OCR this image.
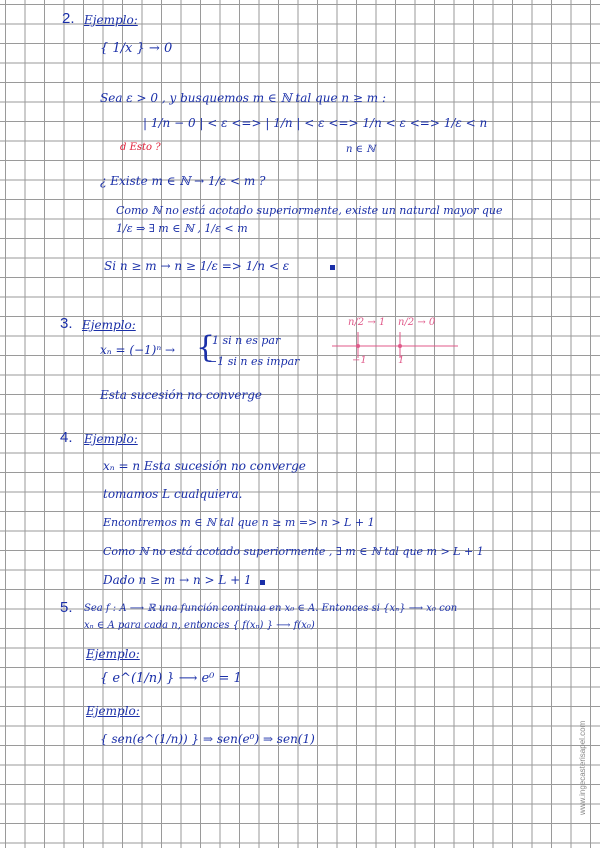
2. Ejemplo:
{ 1/x } → 0
Sea ε > 0 , y busquemos m ∈ ℕ tal que n ≥ m :
| 1/n − 0 | < ε <=> | 1/n | < ε <=> 1/n < ε <=> 1/ε < n
d Esto ?	n ∈ ℕ
¿ Existe m ∈ ℕ → 1/ε < m ?
Como ℕ no está acotado superiormente, existe un natural mayor que
1/ε ⇒ ∃ m ∈ ℕ , 1/ε < m
Si n ≥ m → n ≥ 1/ε => 1/n < ε
3. Ejemplo:
xₙ = (−1)ⁿ → {
1 si n es par
−1 si n es impar
Esta sucesión no converge
n/2 → 1 n/2 → 0
−1	1
4. Ejemplo:
xₙ = n Esta sucesión no converge
tomamos L cualquiera.
Encontremos m ∈ ℕ tal que n ≥ m => n > L + 1
Como ℕ no está acotado superiormente , ∃ m ∈ ℕ tal que m > L + 1
Dado n ≥ m → n > L + 1
5. Sea f : A ⟶ ℝ una función continua en x₀ ∈ A. Entonces si {xₙ} ⟶ x₀ con
xₙ ∈ A para cada n, entonces { f(xₙ) } ⟶ f(x₀)
Ejemplo:
{ e^(1/n) } ⟶ e⁰ = 1
Ejemplo:
{ sen(e^(1/n)) } ⇒ sen(e⁰) ⇒ sen(1)	www.ingecasterisapel.com
